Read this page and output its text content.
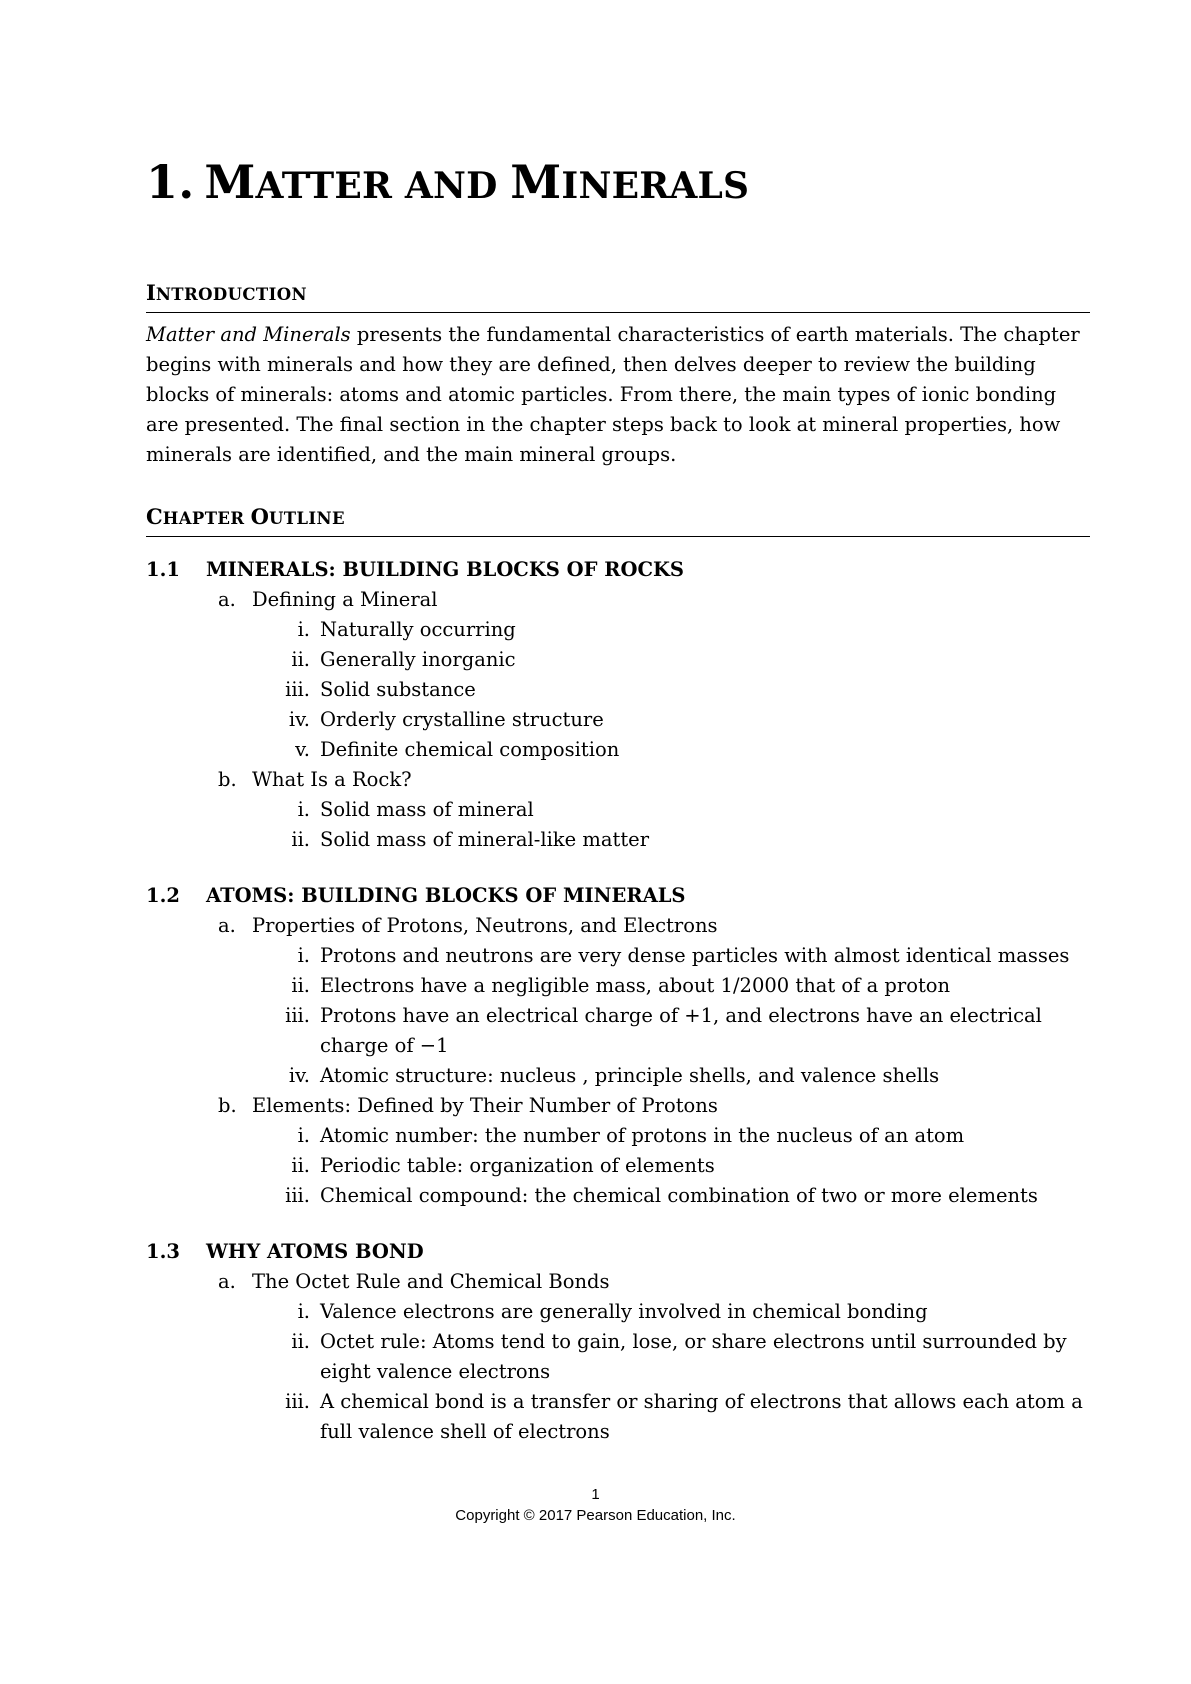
1. MATTER AND MINERALS
INTRODUCTION

Matter and Minerals presents the fundamental characteristics of earth materials. The chapter begins with minerals and how they are defined, then delves deeper to review the building blocks of minerals: atoms and atomic particles. From there, the main types of ionic bonding are presented. The final section in the chapter steps back to look at mineral properties, how minerals are identified, and the main mineral groups.

CHAPTER OUTLINE
1.1	MINERALS: BUILDING BLOCKS OF ROCKS
a. Defining a Mineral
i. Naturally occurring
ii. Generally inorganic
iii. Solid substance
iv. Orderly crystalline structure
v. Definite chemical composition
b. What Is a Rock?
i. Solid mass of mineral
ii. Solid mass of mineral-like matter
1.2	ATOMS: BUILDING BLOCKS OF MINERALS
a. Properties of Protons, Neutrons, and Electrons
i. Protons and neutrons are very dense particles with almost identical masses
ii. Electrons have a negligible mass, about 1/2000 that of a proton
iii. Protons have an electrical charge of +1, and electrons have an electrical charge of −1
iv. Atomic structure: nucleus , principle shells, and valence shells
b. Elements: Defined by Their Number of Protons
i. Atomic number: the number of protons in the nucleus of an atom
ii. Periodic table: organization of elements
iii. Chemical compound: the chemical combination of two or more elements
1.3	WHY ATOMS BOND
a. The Octet Rule and Chemical Bonds
i. Valence electrons are generally involved in chemical bonding
ii. Octet rule: Atoms tend to gain, lose, or share electrons until surrounded by eight valence electrons
iii. A chemical bond is a transfer or sharing of electrons that allows each atom a full valence shell of electrons
1
Copyright © 2017 Pearson Education, Inc.
